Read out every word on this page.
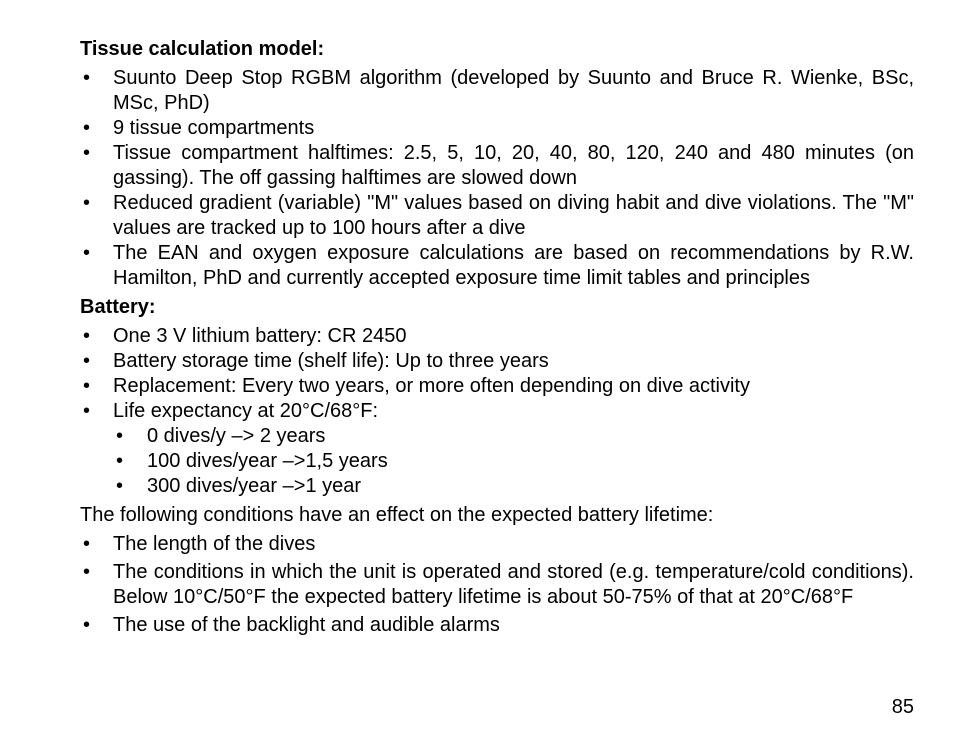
Tissue calculation model:
• Suunto Deep Stop RGBM algorithm (developed by Suunto and Bruce R. Wienke, BSc, MSc, PhD)
• 9 tissue compartments
• Tissue compartment halftimes: 2.5, 5, 10, 20, 40, 80, 120, 240 and 480 minutes (on gassing). The off gassing halftimes are slowed down
• Reduced gradient (variable) "M" values based on diving habit and dive violations. The "M" values are tracked up to 100 hours after a dive
• The EAN and oxygen exposure calculations are based on recommendations by R.W. Hamilton, PhD and currently accepted exposure time limit tables and principles
Battery:
• One 3 V lithium battery: CR 2450
• Battery storage time (shelf life): Up to three years
• Replacement: Every two years, or more often depending on dive activity
• Life expectancy at 20°C/68°F:
• 0 dives/y –> 2 years
• 100 dives/year –>1,5 years
• 300 dives/year –>1 year
The following conditions have an effect on the expected battery lifetime:
• The length of the dives
• The conditions in which the unit is operated and stored (e.g. temperature/cold conditions). Below 10°C/50°F the expected battery lifetime is about 50-75% of that at 20°C/68°F
• The use of the backlight and audible alarms
85
